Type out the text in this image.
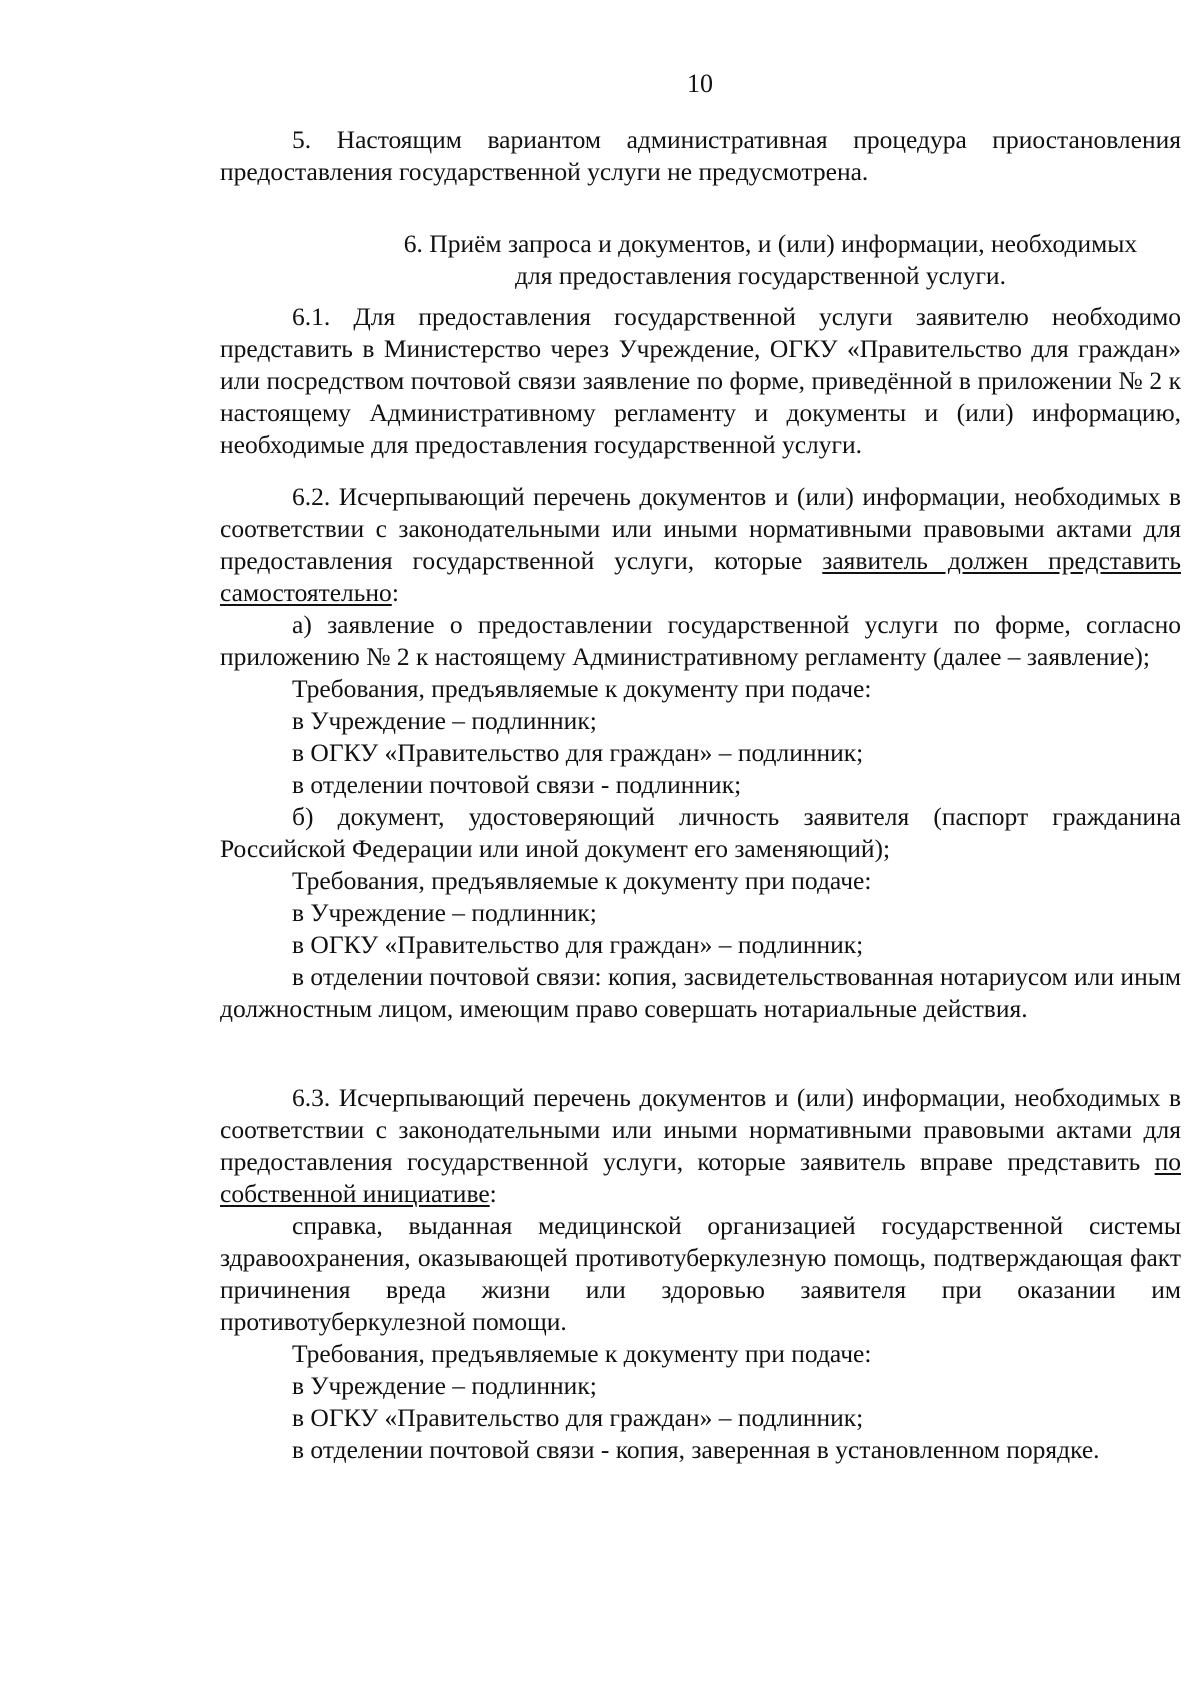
10

5. Настоящим вариантом административная процедура приостановления предоставления государственной услуги не предусмотрена.

6. Приём запроса и документов, и (или) информации, необходимых
для предоставления государственной услуги.

6.1. Для предоставления государственной услуги заявителю необходимо представить в Министерство через Учреждение, ОГКУ «Правительство для граждан» или посредством почтовой связи заявление по форме, приведённой в приложении № 2 к настоящему Административному регламенту и документы и (или) информацию, необходимые для предоставления государственной услуги.

6.2. Исчерпывающий перечень документов и (или) информации, необходимых в соответствии с законодательными или иными нормативными правовыми актами для предоставления государственной услуги, которые заявитель должен представить самостоятельно:

а) заявление о предоставлении государственной услуги по форме, согласно приложению № 2 к настоящему Административному регламенту (далее – заявление);

Требования, предъявляемые к документу при подаче:

в Учреждение – подлинник;

в ОГКУ «Правительство для граждан» – подлинник;

в отделении почтовой связи - подлинник;

б) документ, удостоверяющий личность заявителя (паспорт гражданина Российской Федерации или иной документ его заменяющий);

Требования, предъявляемые к документу при подаче:

в Учреждение – подлинник;

в ОГКУ «Правительство для граждан» – подлинник;

в отделении почтовой связи: копия, засвидетельствованная нотариусом или иным должностным лицом, имеющим право совершать нотариальные действия.

6.3. Исчерпывающий перечень документов и (или) информации, необходимых в соответствии с законодательными или иными нормативными правовыми актами для предоставления государственной услуги, которые заявитель вправе представить по собственной инициативе:

справка, выданная медицинской организацией государственной системы здравоохранения, оказывающей противотуберкулезную помощь, подтверждающая факт причинения вреда жизни или здоровью заявителя при оказании им противотуберкулезной помощи.

Требования, предъявляемые к документу при подаче:

в Учреждение – подлинник;

в ОГКУ «Правительство для граждан» – подлинник;

в отделении почтовой связи - копия, заверенная в установленном порядке.
